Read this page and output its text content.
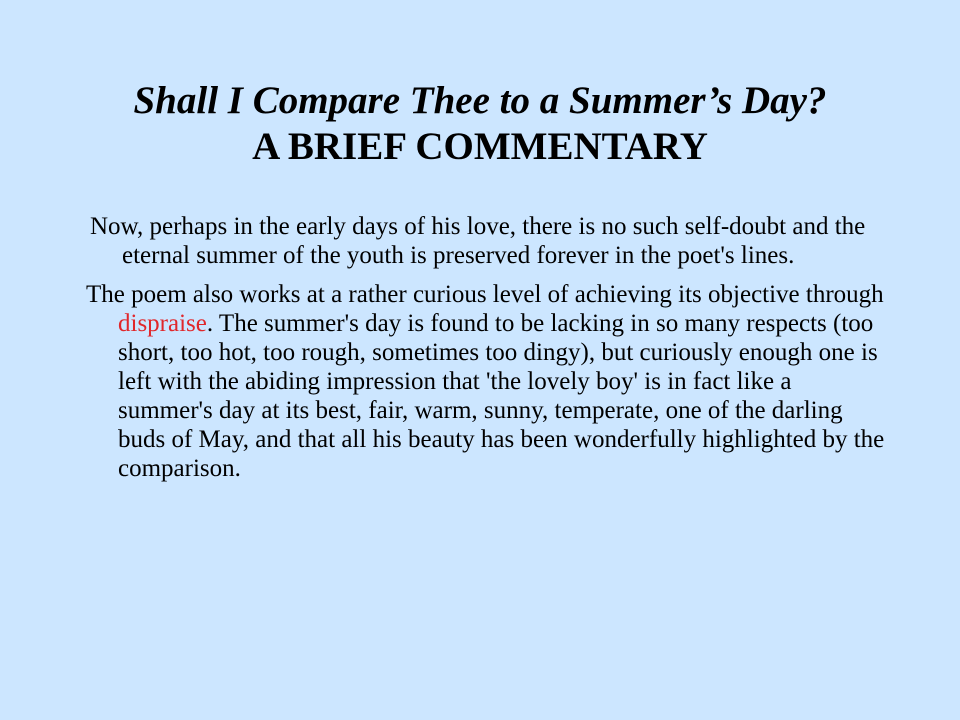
Shall I Compare Thee to a Summer’s Day?
A BRIEF COMMENTARY

Now, perhaps in the early days of his love, there is no such self-doubt and the eternal summer of the youth is preserved forever in the poet's lines.

The poem also works at a rather curious level of achieving its objective through dispraise. The summer's day is found to be lacking in so many respects (too short, too hot, too rough, sometimes too dingy), but curiously enough one is left with the abiding impression that 'the lovely boy' is in fact like a summer's day at its best, fair, warm, sunny, temperate, one of the darling buds of May, and that all his beauty has been wonderfully highlighted by the comparison.
